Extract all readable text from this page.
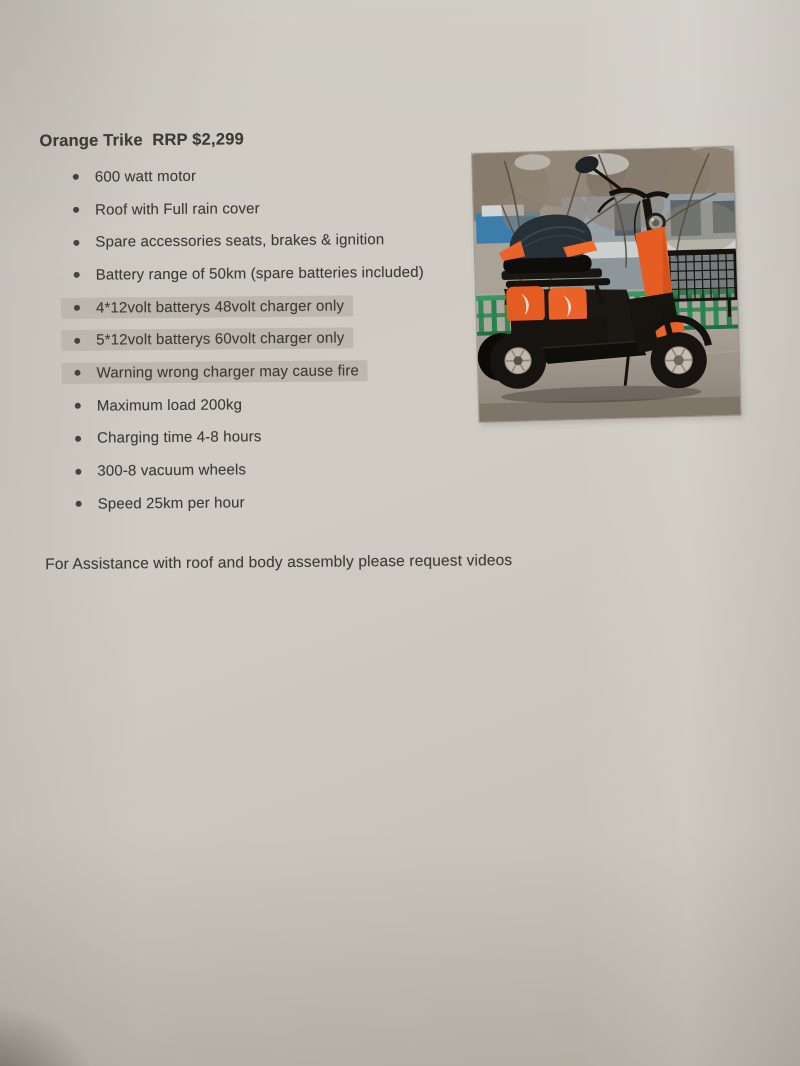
Orange Trike  RRP $2,299
600 watt motor
Roof with Full rain cover
Spare accessories seats, brakes & ignition
Battery range of 50km (spare batteries included)
4*12volt batterys 48volt charger only
5*12volt batterys 60volt charger only
Warning wrong charger may cause fire
Maximum load 200kg
Charging time 4-8 hours
300-8 vacuum wheels
Speed 25km per hour

For Assistance with roof and body assembly please request videos
